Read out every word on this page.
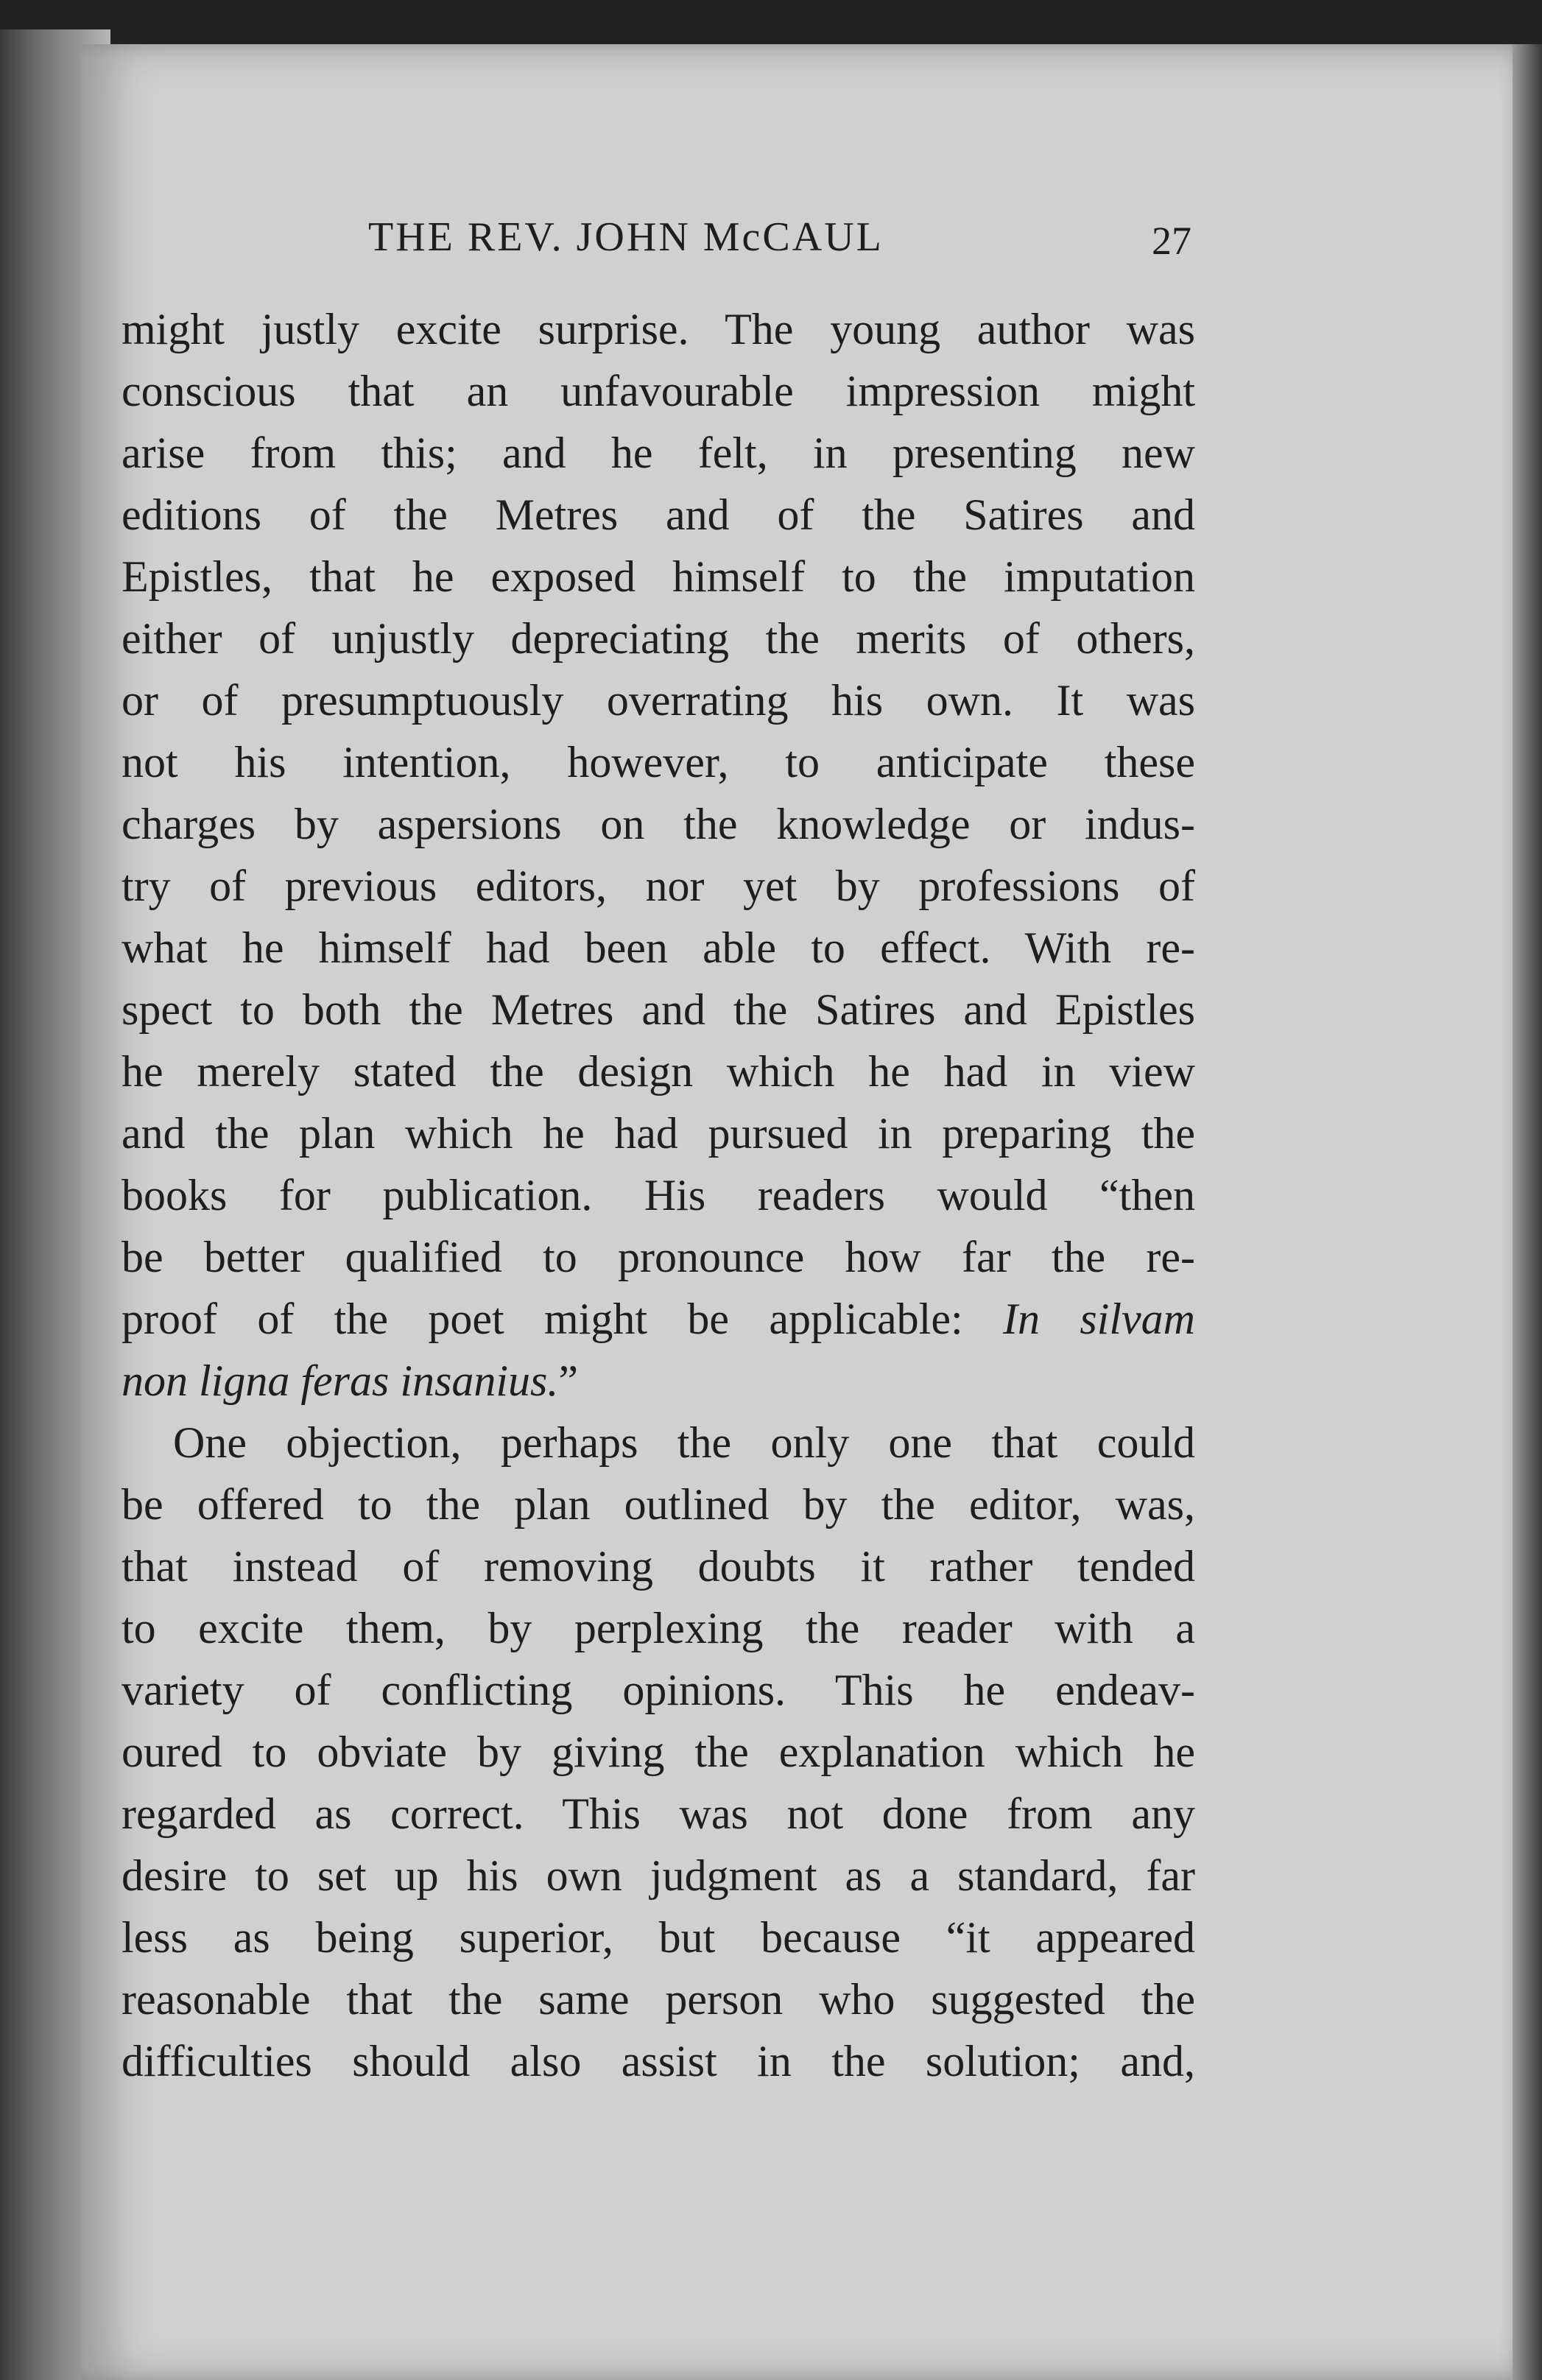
THE REV. JOHN McCAUL	27
might justly excite surprise. The young author was
conscious that an unfavourable impression might
arise from this; and he felt, in presenting new
editions of the Metres and of the Satires and
Epistles, that he exposed himself to the imputation
either of unjustly depreciating the merits of others,
or of presumptuously overrating his own. It was
not his intention, however, to anticipate these
charges by aspersions on the knowledge or indus-
try of previous editors, nor yet by professions of
what he himself had been able to effect. With re-
spect to both the Metres and the Satires and Epistles
he merely stated the design which he had in view
and the plan which he had pursued in preparing the
books for publication. His readers would “then
be better qualified to pronounce how far the re-
proof of the poet might be applicable: In silvam
non ligna feras insanius.”
One objection, perhaps the only one that could
be offered to the plan outlined by the editor, was,
that instead of removing doubts it rather tended
to excite them, by perplexing the reader with a
variety of conflicting opinions. This he endeav-
oured to obviate by giving the explanation which he
regarded as correct. This was not done from any
desire to set up his own judgment as a standard, far
less as being superior, but because “it appeared
reasonable that the same person who suggested the
difficulties should also assist in the solution; and,
